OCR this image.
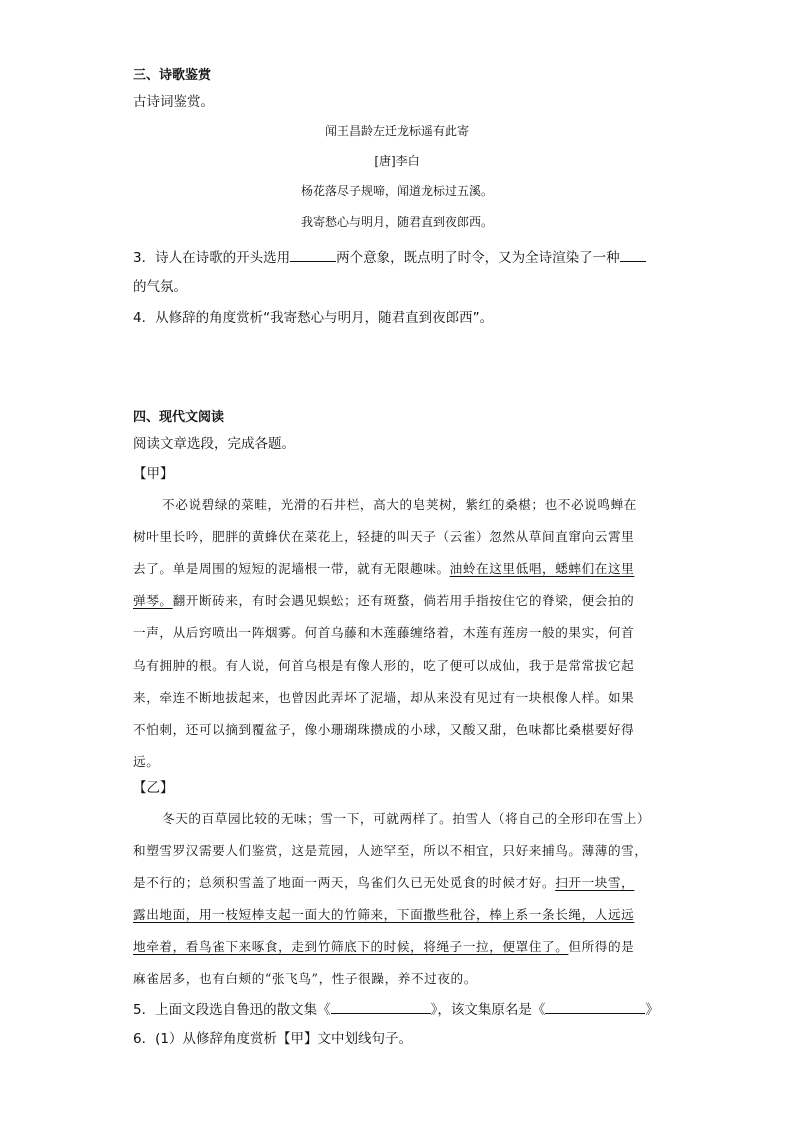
三、诗歌鉴赏
古诗词鉴赏。
闻王昌龄左迁龙标遥有此寄
[唐]李白
杨花落尽子规啼，闻道龙标过五溪。
我寄愁心与明月，随君直到夜郎西。
3．诗人在诗歌的开头选用	两个意象，既点明了时令，又为全诗渲染了一种
的气氛。
4．从修辞的角度赏析“我寄愁心与明月，随君直到夜郎西”。
四、现代文阅读
阅读文章选段，完成各题。
【甲】
不必说碧绿的菜畦，光滑的石井栏，高大的皂荚树，紫红的桑椹；也不必说鸣蝉在
树叶里长吟，肥胖的黄蜂伏在菜花上，轻捷的叫天子（云雀）忽然从草间直窜向云霄里
去了。单是周围的短短的泥墙根一带，就有无限趣味。油蛉在这里低唱，蟋蟀们在这里
弹琴。翻开断砖来，有时会遇见蜈蚣；还有斑蝥，倘若用手指按住它的脊梁，便会拍的
一声，从后窍喷出一阵烟雾。何首乌藤和木莲藤缠络着，木莲有莲房一般的果实，何首
乌有拥肿的根。有人说，何首乌根是有像人形的，吃了便可以成仙，我于是常常拔它起
来，牵连不断地拔起来，也曾因此弄坏了泥墙，却从来没有见过有一块根像人样。如果
不怕刺，还可以摘到覆盆子，像小珊瑚珠攒成的小球，又酸又甜，色味都比桑椹要好得
远。
【乙】
冬天的百草园比较的无味；雪一下，可就两样了。拍雪人（将自己的全形印在雪上）
和塑雪罗汉需要人们鉴赏，这是荒园，人迹罕至，所以不相宜，只好来捕鸟。薄薄的雪，
是不行的；总须积雪盖了地面一两天，鸟雀们久已无处觅食的时候才好。扫开一块雪，
露出地面，用一枝短棒支起一面大的竹筛来，下面撒些秕谷，棒上系一条长绳，人远远
地牵着，看鸟雀下来啄食，走到竹筛底下的时候，将绳子一拉，便罩住了。但所得的是
麻雀居多，也有白颊的“张飞鸟”，性子很躁，养不过夜的。
5．上面文段选自鲁迅的散文集《	》，该文集原名是《	》
6．(1）从修辞角度赏析【甲】文中划线句子。
